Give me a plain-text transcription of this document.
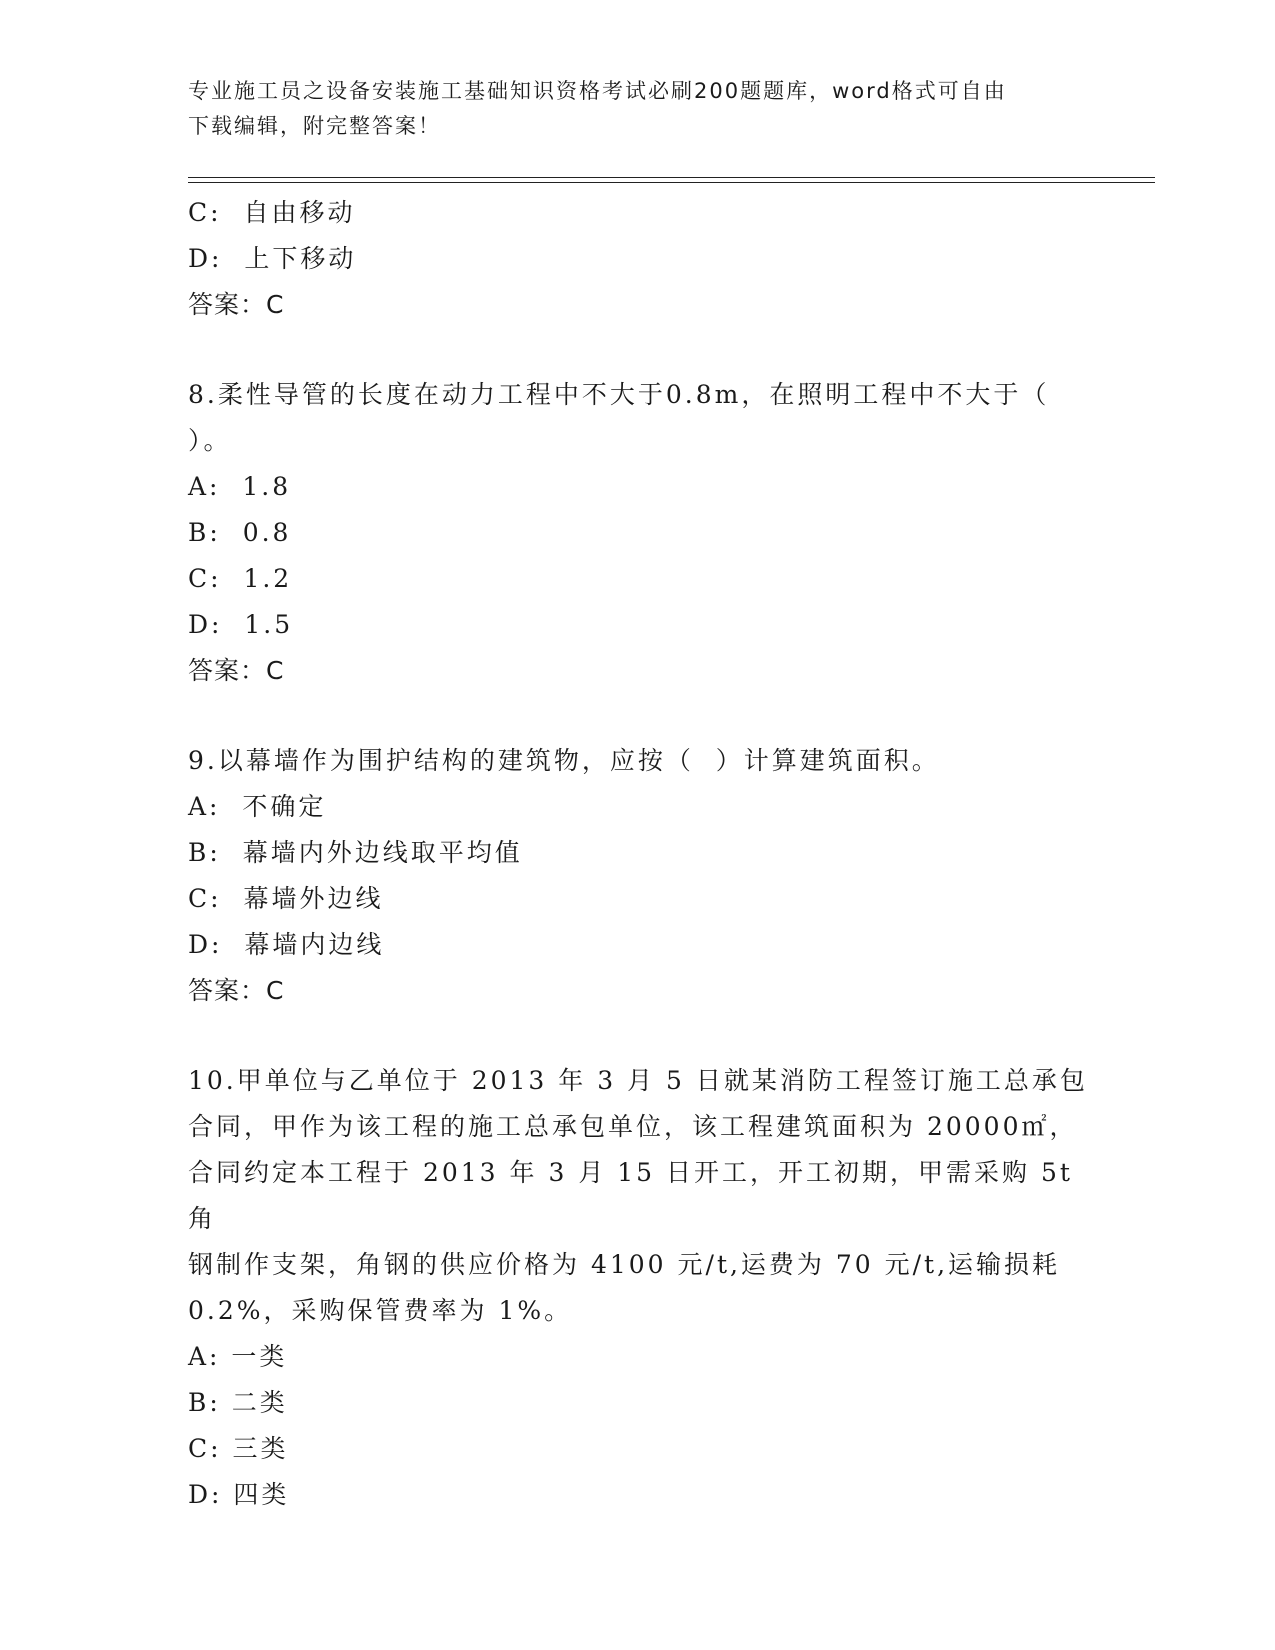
专业施工员之设备安装施工基础知识资格考试必刷200题题库，word格式可自由
下载编辑，附完整答案！
C:  自由移动
D:  上下移动
答案：C
8.柔性导管的长度在动力工程中不大于0.8m，在照明工程中不大于（
）。
A:  1.8
B:  0.8
C:  1.2
D:  1.5
答案：C
9.以幕墙作为围护结构的建筑物，应按（  ）计算建筑面积。
A:  不确定
B:  幕墙内外边线取平均值
C:  幕墙外边线
D:  幕墙内边线
答案：C
10.甲单位与乙单位于 2013 年 3 月 5 日就某消防工程签订施工总承包
合同，甲作为该工程的施工总承包单位，该工程建筑面积为 20000㎡，
合同约定本工程于 2013 年 3 月 15 日开工，开工初期，甲需采购 5t 角
钢制作支架，角钢的供应价格为 4100 元/t,运费为 70 元/t,运输损耗
0.2%，采购保管费率为 1%。
A: 一类
B: 二类
C: 三类
D: 四类
